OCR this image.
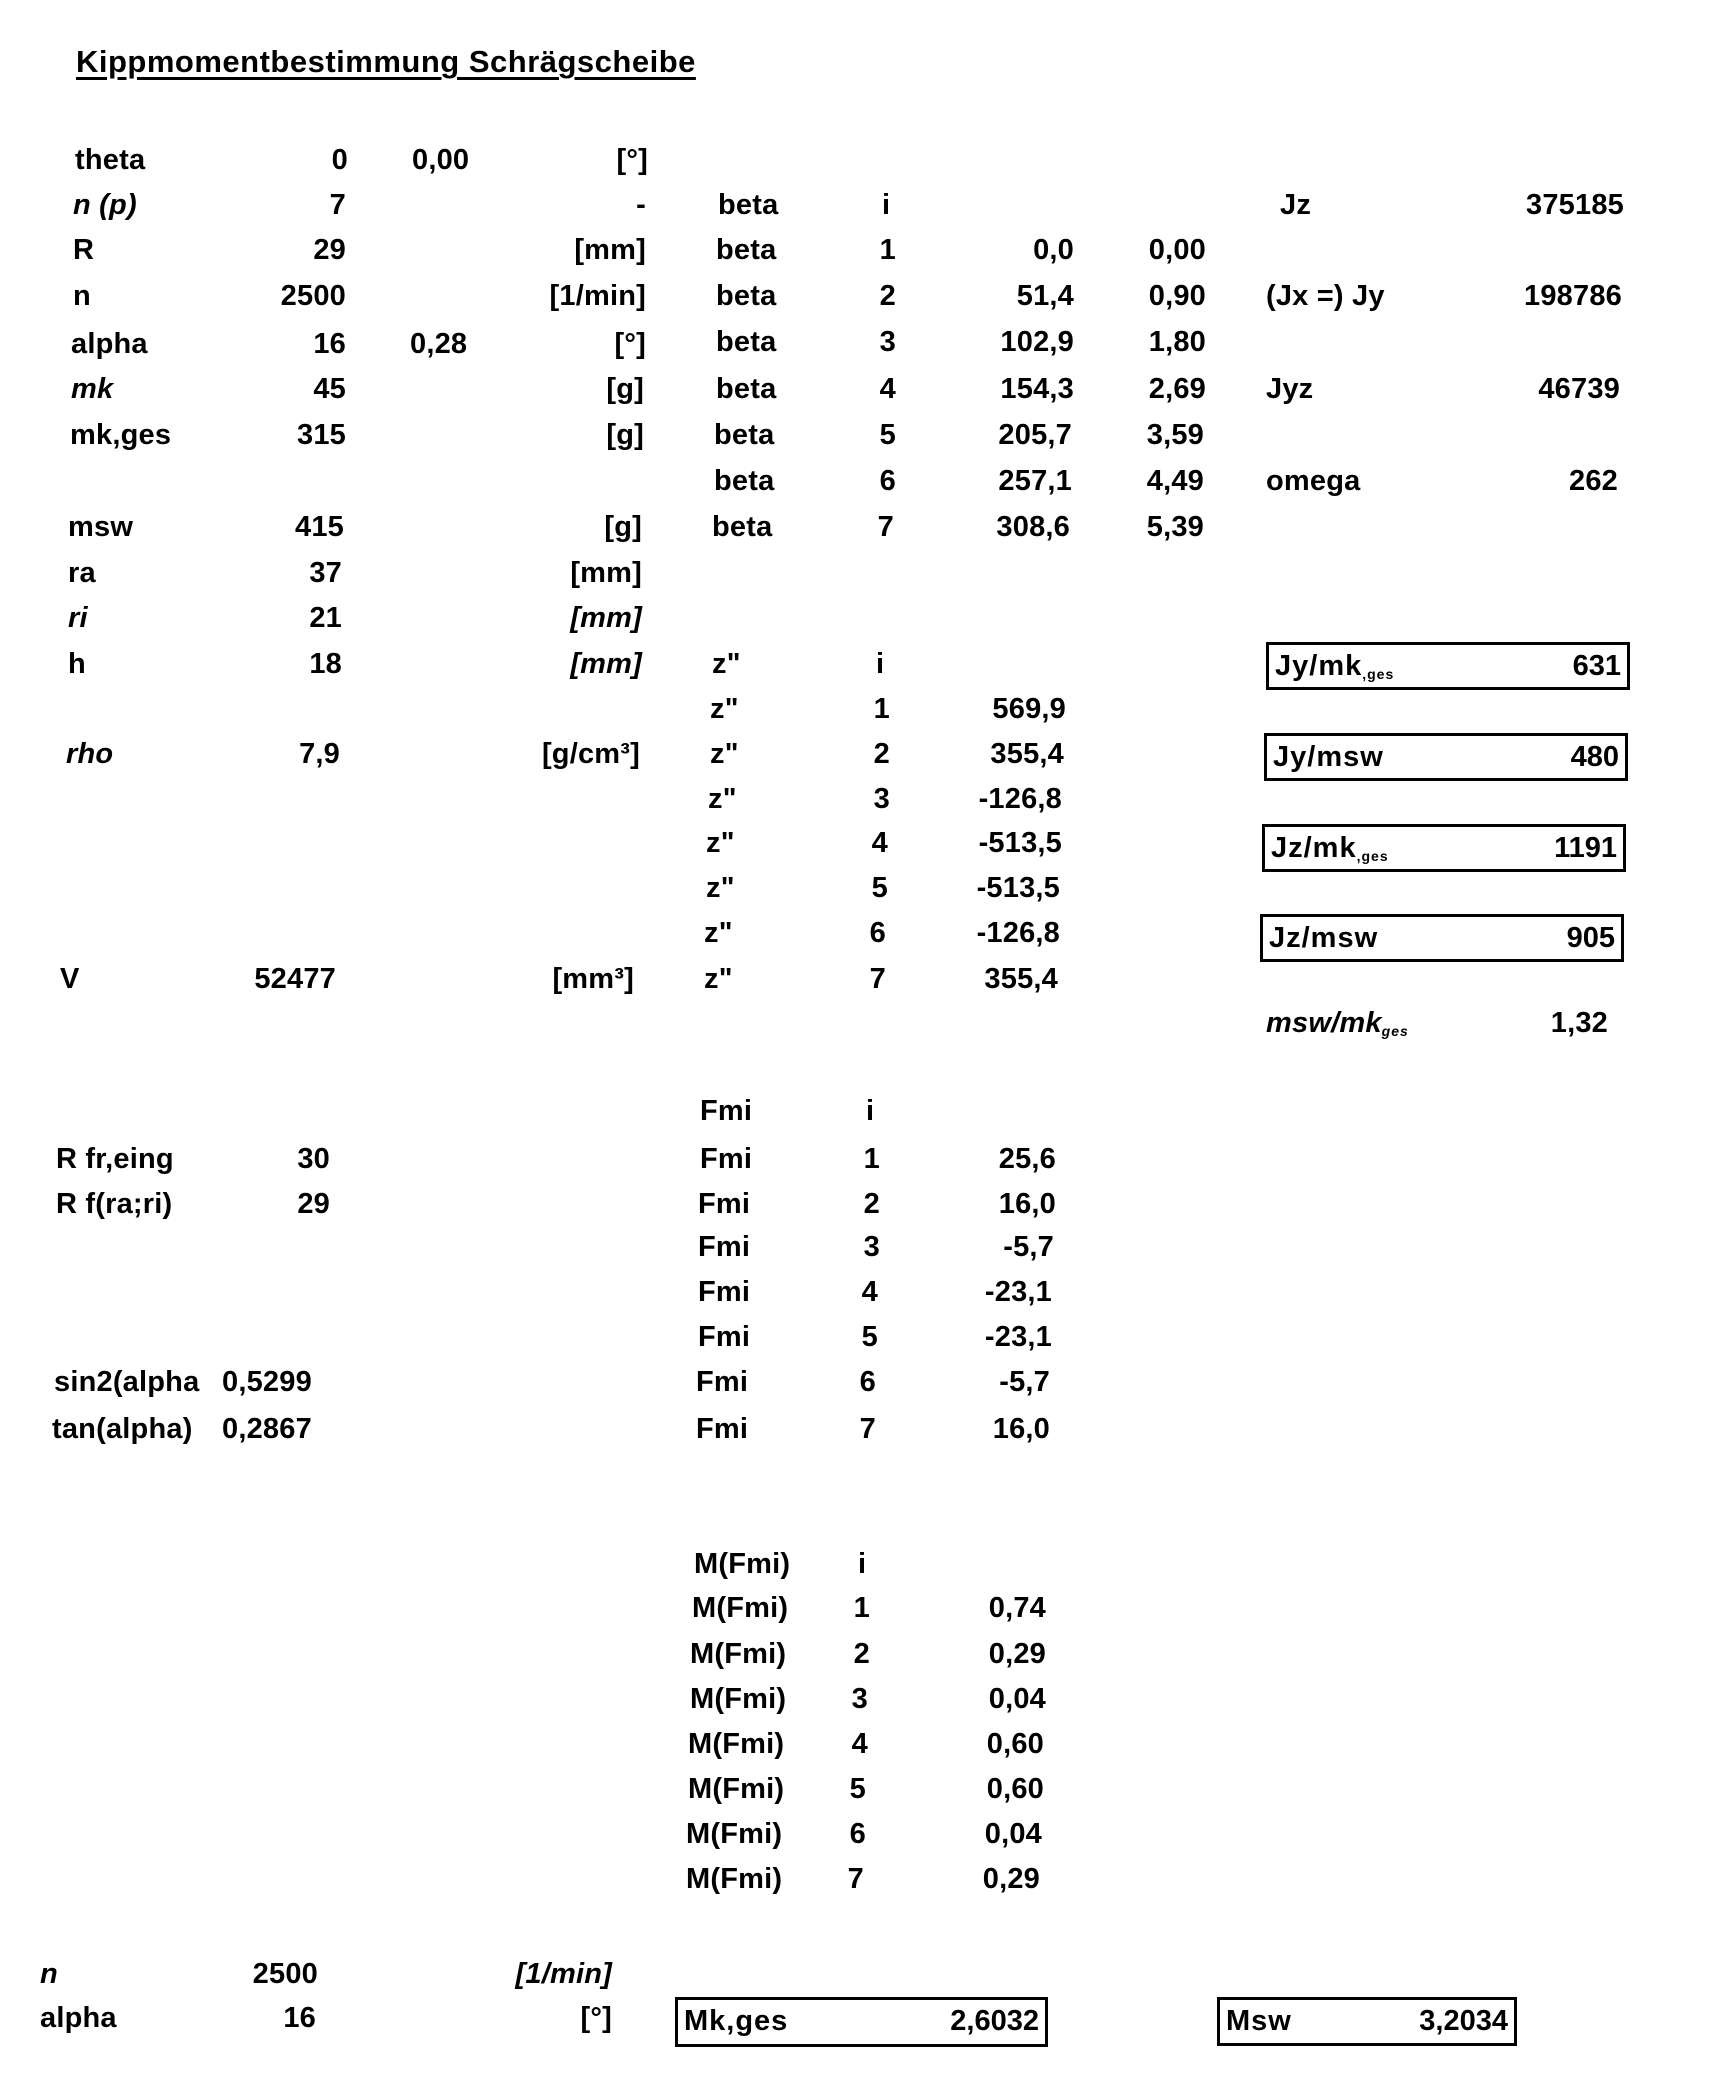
Kippmomentbestimmung Schrägscheibe
theta	0 0,00	[°]
n (p)	7	-
R	29	[mm]
n	2500	[1/min]
alpha	16 0,28	[°]
mk	45	[g]
mk,ges	315	[g]
msw	415	[g]
ra	37	[mm]
ri	21	[mm]
h	18	[mm]
rho	7,9	[g/cm³]
V	52477	[mm³]
R fr,eing	30
R f(ra;ri)	29
sin2(alpha 0,5299
tan(alpha) 0,2867
beta	i
beta	1	0,0	0,00
beta	2	51,4	0,90
beta	3	102,9	1,80
beta	4	154,3	2,69
beta	5	205,7	3,59
beta	6	257,1	4,49
beta	7	308,6	5,39
z"	i
z"	1	569,9
z"	2	355,4
z"	3	-126,8
z"	4	-513,5
z"	5	-513,5
z"	6	-126,8
z"	7	355,4
Fmi	i
Fmi	1	25,6
Fmi	2	16,0
Fmi	3	-5,7
Fmi	4	-23,1
Fmi	5	-23,1
Fmi	6	-5,7
Fmi	7	16,0
M(Fmi) i
M(Fmi)	1	0,74
M(Fmi)	2	0,29
M(Fmi)	3	0,04
M(Fmi)	4	0,60
M(Fmi)	5	0,60
M(Fmi)	6	0,04
M(Fmi)	7	0,29
Jz	375185
(Jx =) Jy	198786
Jyz	46739
omega	262
$Jy/mk_{,ges}$	631
Jy/msw	480
$Jz/mk_{,ges}$	1191
Jz/msw	905
msw/$mk_{ges}$	1,32
n	2500	[1/min]
alpha	16	[°] Mk,ges	2,6032	Msw	3,2034
